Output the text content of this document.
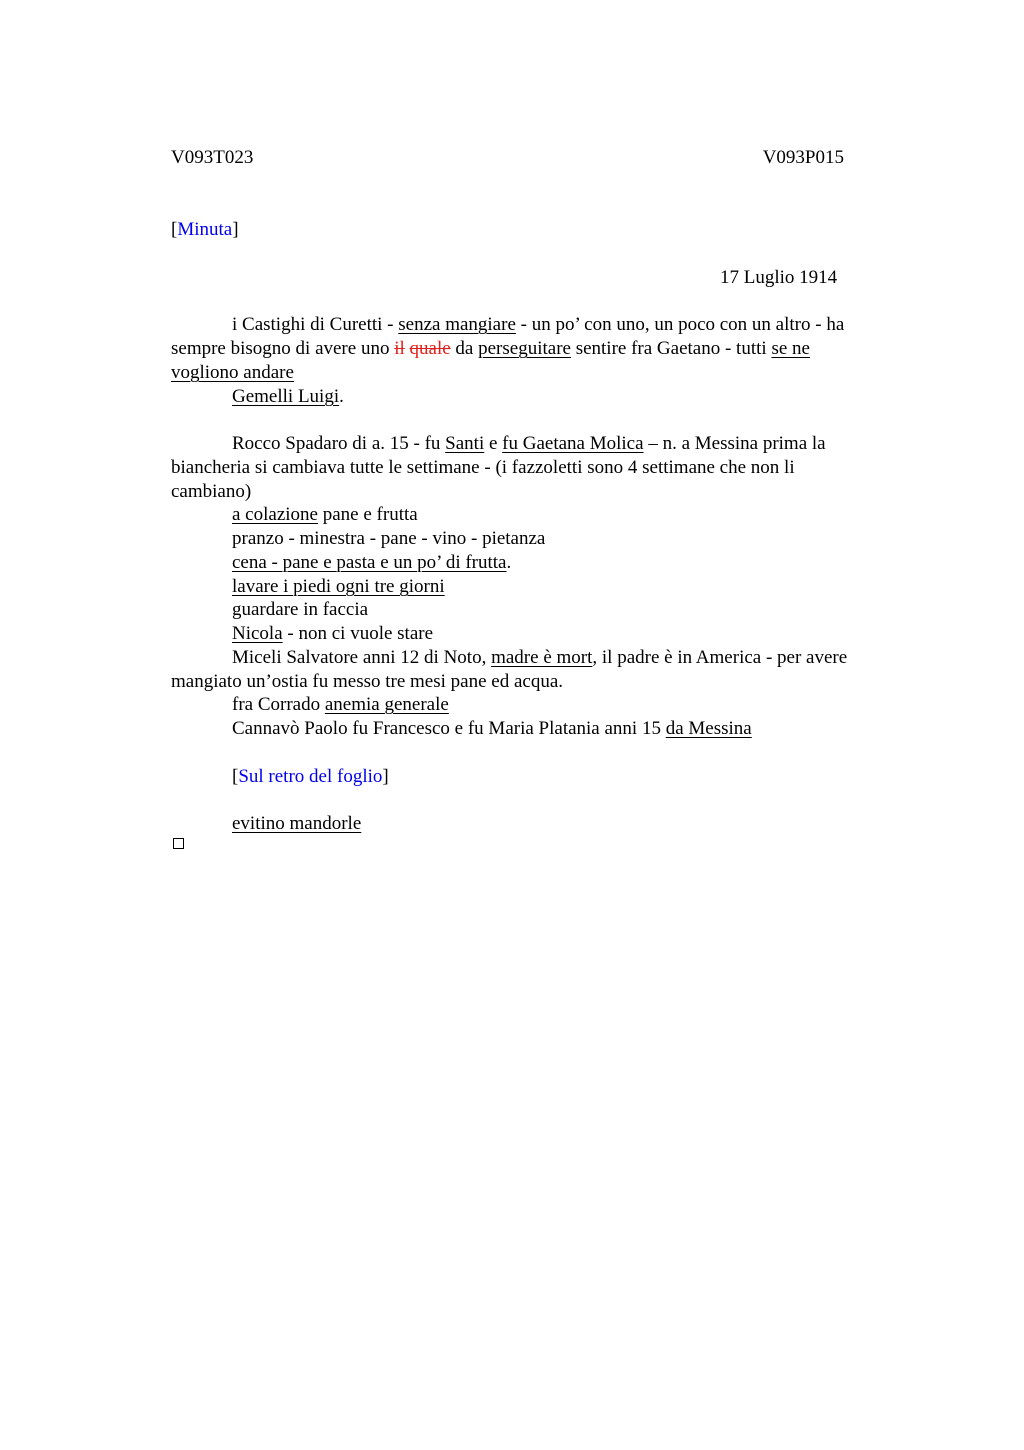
V093T023	V093P015
[Minuta]
17 Luglio 1914
i Castighi di Curetti - senza mangiare - un po’ con uno, un poco con un altro - ha
sempre bisogno di avere uno il quale da perseguitare sentire fra Gaetano - tutti se ne
vogliono andare
Gemelli Luigi.
Rocco Spadaro di a. 15 - fu Santi e fu Gaetana Molica – n. a Messina prima la
biancheria si cambiava tutte le settimane - (i fazzoletti sono 4 settimane che non li
cambiano)
a colazione pane e frutta
pranzo - minestra - pane - vino - pietanza
cena - pane e pasta e un po’ di frutta.
lavare i piedi ogni tre giorni
guardare in faccia
Nicola - non ci vuole stare
Miceli Salvatore anni 12 di Noto, madre è mort, il padre è in America - per avere
mangiato un’ostia fu messo tre mesi pane ed acqua.
fra Corrado anemia generale
Cannavò Paolo fu Francesco e fu Maria Platania anni 15 da Messina
[Sul retro del foglio]
evitino mandorle
